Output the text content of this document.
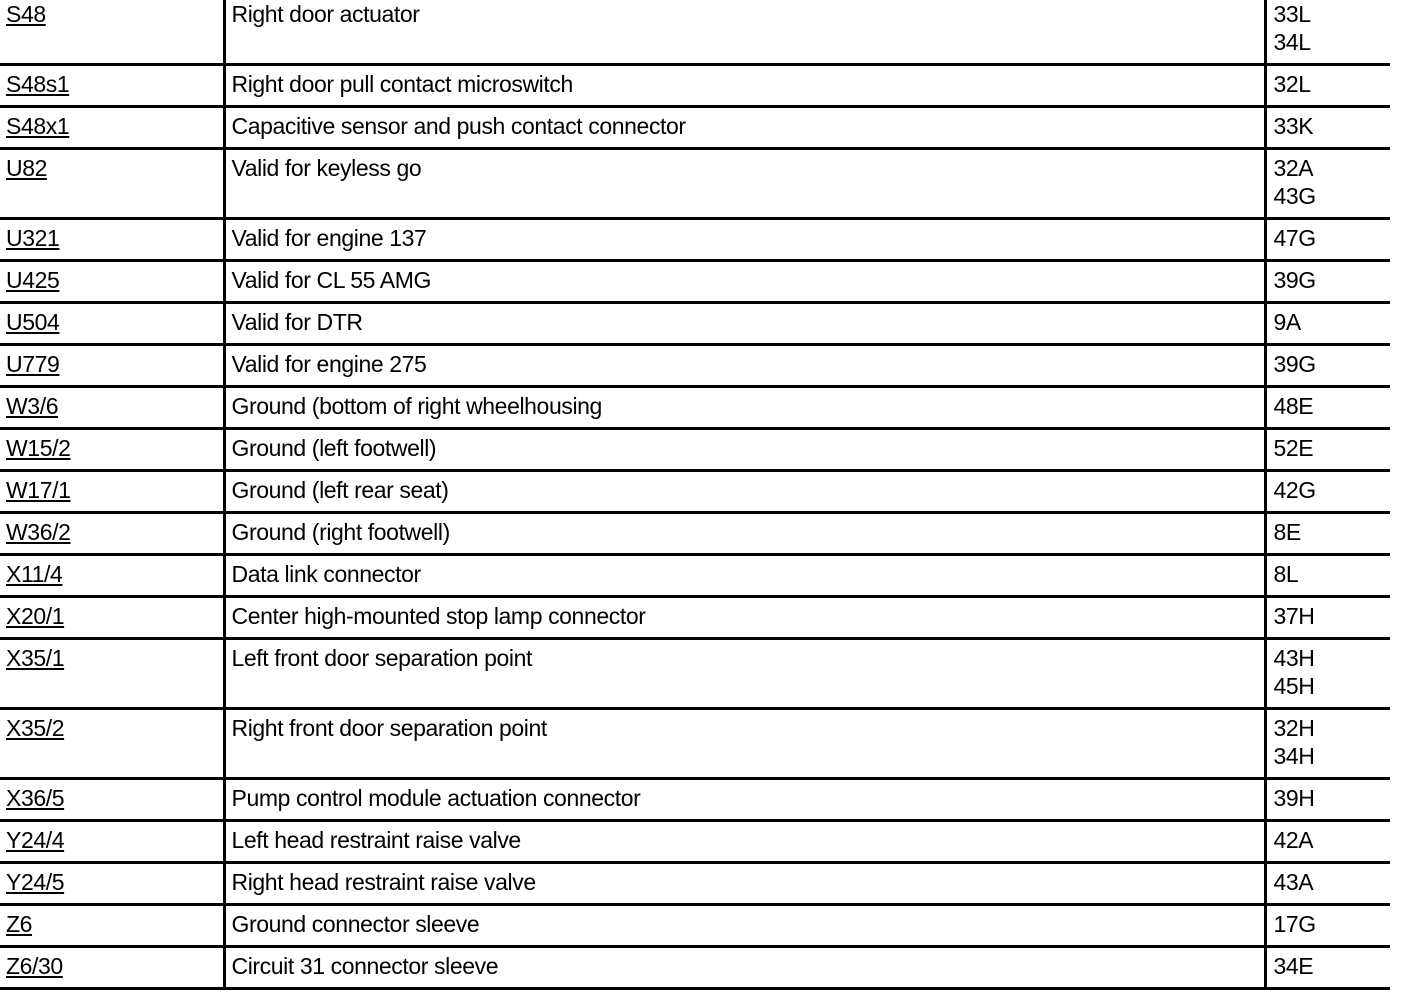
S48	Right door actuator	33L
34L

S48s1	Right door pull contact microswitch	32L

S48x1	Capacitive sensor and push contact connector	33K

U82	Valid for keyless go	32A
43G

U321	Valid for engine 137	47G

U425	Valid for CL 55 AMG	39G

U504	Valid for DTR	9A

U779	Valid for engine 275	39G

W3/6	Ground (bottom of right wheelhousing	48E

W15/2	Ground (left footwell)	52E

W17/1	Ground (left rear seat)	42G

W36/2	Ground (right footwell)	8E

X11/4	Data link connector	8L

X20/1	Center high-mounted stop lamp connector	37H

X35/1	Left front door separation point	43H
45H

X35/2	Right front door separation point	32H
34H

X36/5	Pump control module actuation connector	39H

Y24/4	Left head restraint raise valve	42A

Y24/5	Right head restraint raise valve	43A

Z6	Ground connector sleeve	17G

Z6/30	Circuit 31 connector sleeve	34E
